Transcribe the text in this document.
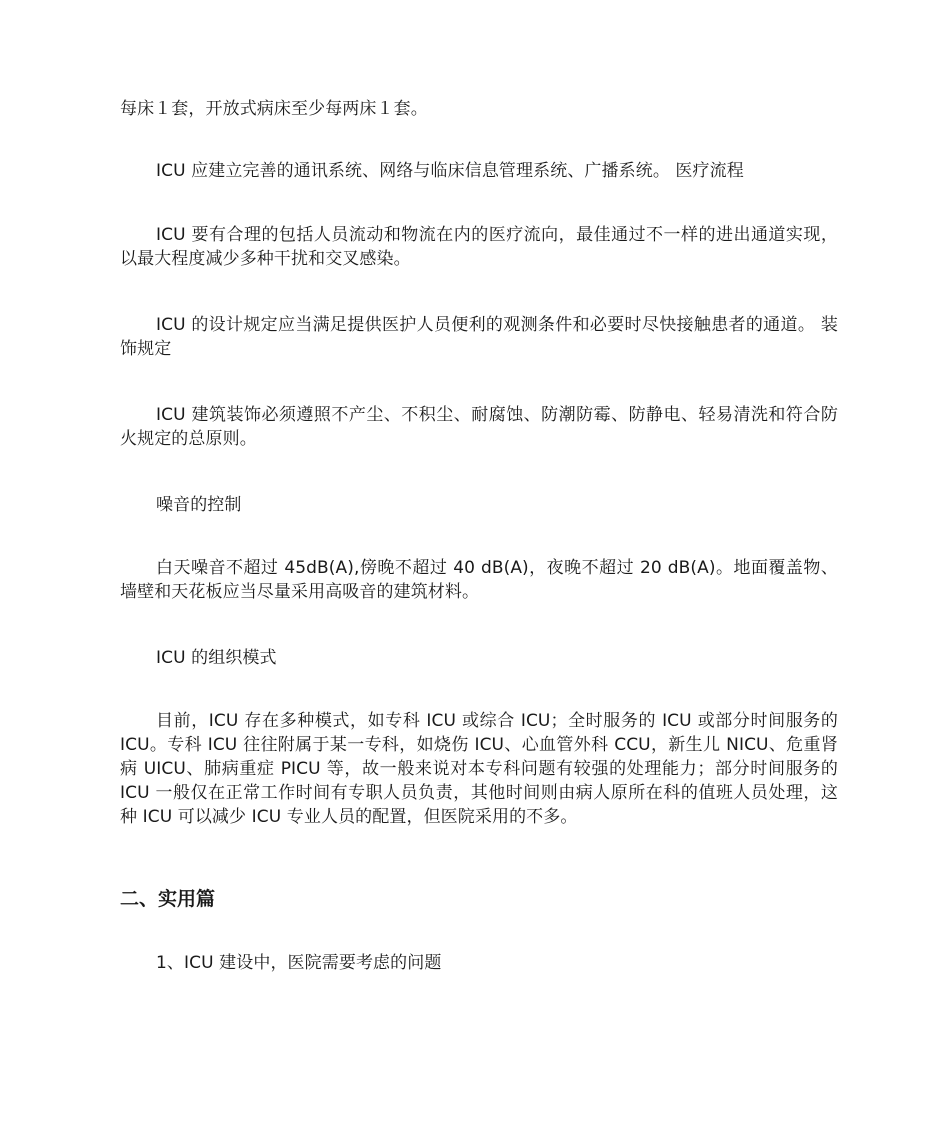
每床１套，开放式病床至少每两床１套。

ICU 应建立完善的通讯系统、网络与临床信息管理系统、广播系统。 医疗流程

ICU 要有合理的包括人员流动和物流在内的医疗流向，最佳通过不一样的进出通道实现，以最大程度减少多种干扰和交叉感染。

ICU 的设计规定应当满足提供医护人员便利的观测条件和必要时尽快接触患者的通道。 装饰规定

ICU 建筑装饰必须遵照不产尘、不积尘、耐腐蚀、防潮防霉、防静电、轻易清洗和符合防火规定的总原则。

噪音的控制

白天噪音不超过 45dB(A),傍晚不超过 40 dB(A)，夜晚不超过 20 dB(A)。地面覆盖物、墙壁和天花板应当尽量采用高吸音的建筑材料。

ICU 的组织模式

目前，ICU 存在多种模式，如专科 ICU 或综合 ICU；全时服务的 ICU 或部分时间服务的 ICU。专科 ICU 往往附属于某一专科，如烧伤 ICU、心血管外科 CCU，新生儿 NICU、危重肾病 UICU、肺病重症 PICU 等，故一般来说对本专科问题有较强的处理能力；部分时间服务的 ICU 一般仅在正常工作时间有专职人员负责，其他时间则由病人原所在科的值班人员处理，这种 ICU 可以减少 ICU 专业人员的配置，但医院采用的不多。

二、实用篇

1、ICU 建设中，医院需要考虑的问题
